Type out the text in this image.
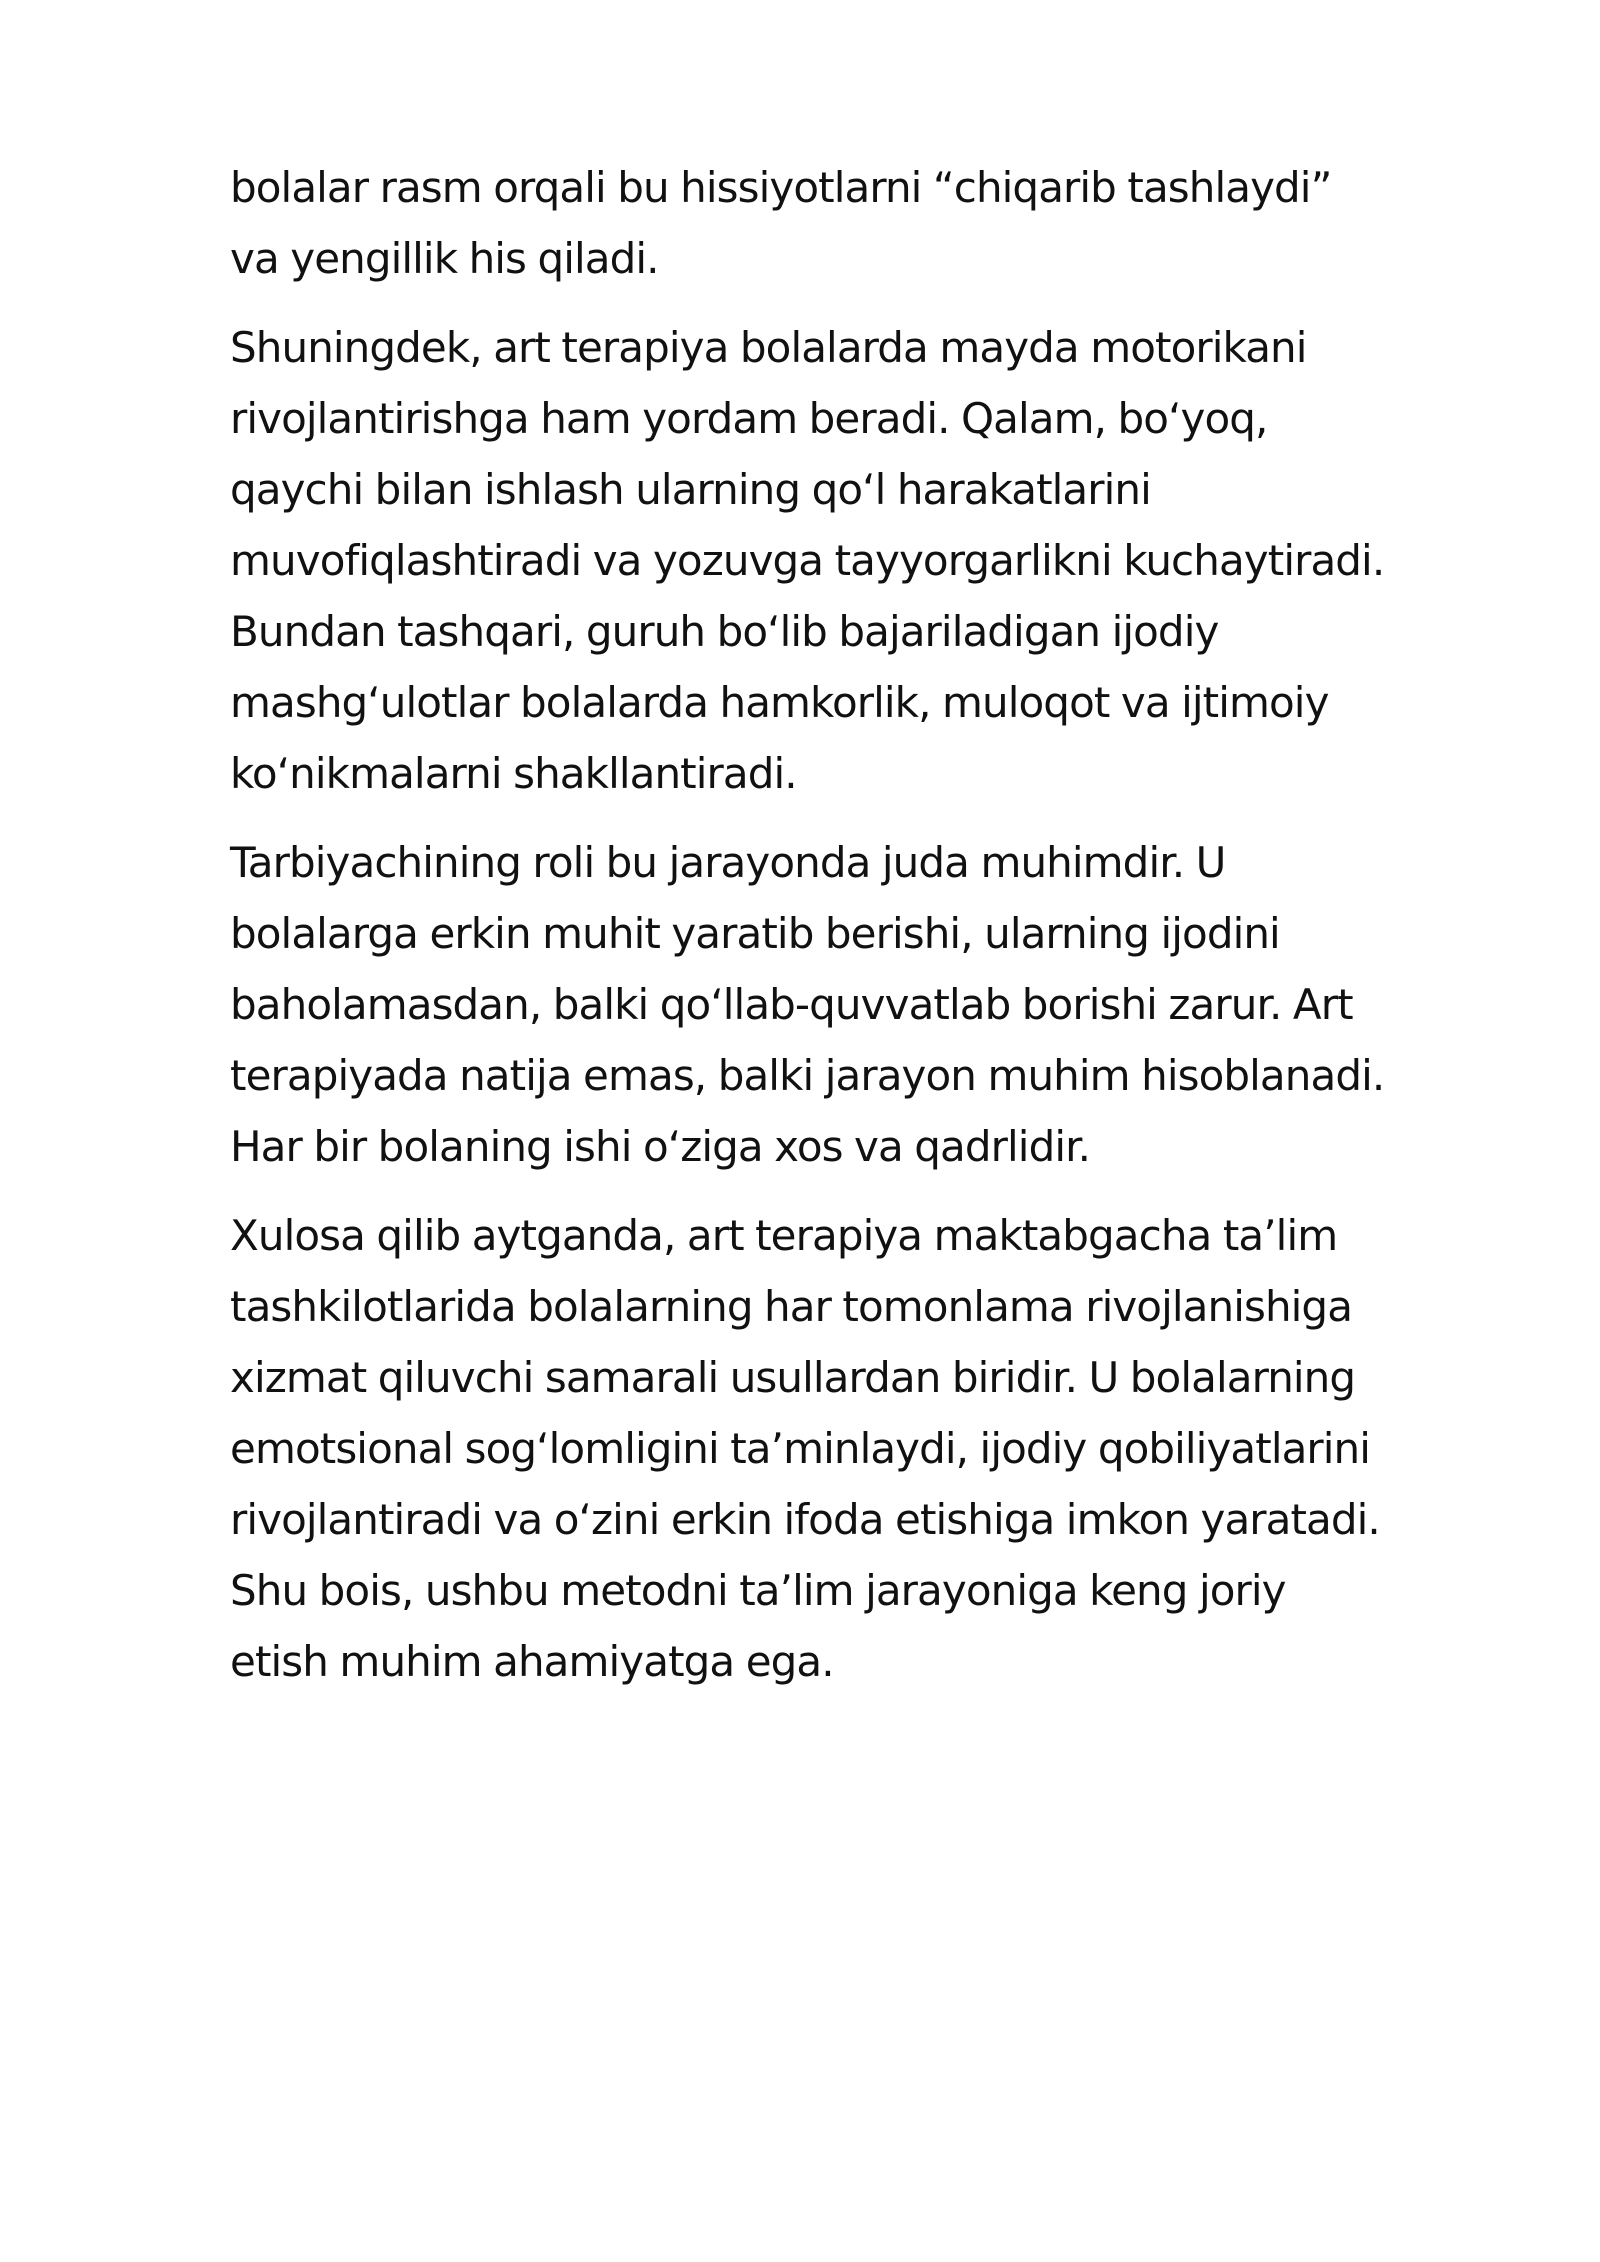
bolalar rasm orqali bu hissiyotlarni “chiqarib tashlaydi”
va yengillik his qiladi.

Shuningdek, art terapiya bolalarda mayda motorikani
rivojlantirishga ham yordam beradi. Qalam, bo‘yoq,
qaychi bilan ishlash ularning qo‘l harakatlarini
muvofiqlashtiradi va yozuvga tayyorgarlikni kuchaytiradi.
Bundan tashqari, guruh bo‘lib bajariladigan ijodiy
mashg‘ulotlar bolalarda hamkorlik, muloqot va ijtimoiy
ko‘nikmalarni shakllantiradi.

Tarbiyachining roli bu jarayonda juda muhimdir. U
bolalarga erkin muhit yaratib berishi, ularning ijodini
baholamasdan, balki qo‘llab-quvvatlab borishi zarur. Art
terapiyada natija emas, balki jarayon muhim hisoblanadi.
Har bir bolaning ishi o‘ziga xos va qadrlidir.

Xulosa qilib aytganda, art terapiya maktabgacha ta’lim
tashkilotlarida bolalarning har tomonlama rivojlanishiga
xizmat qiluvchi samarali usullardan biridir. U bolalarning
emotsional sog‘lomligini ta’minlaydi, ijodiy qobiliyatlarini
rivojlantiradi va o‘zini erkin ifoda etishiga imkon yaratadi.
Shu bois, ushbu metodni ta’lim jarayoniga keng joriy
etish muhim ahamiyatga ega.
